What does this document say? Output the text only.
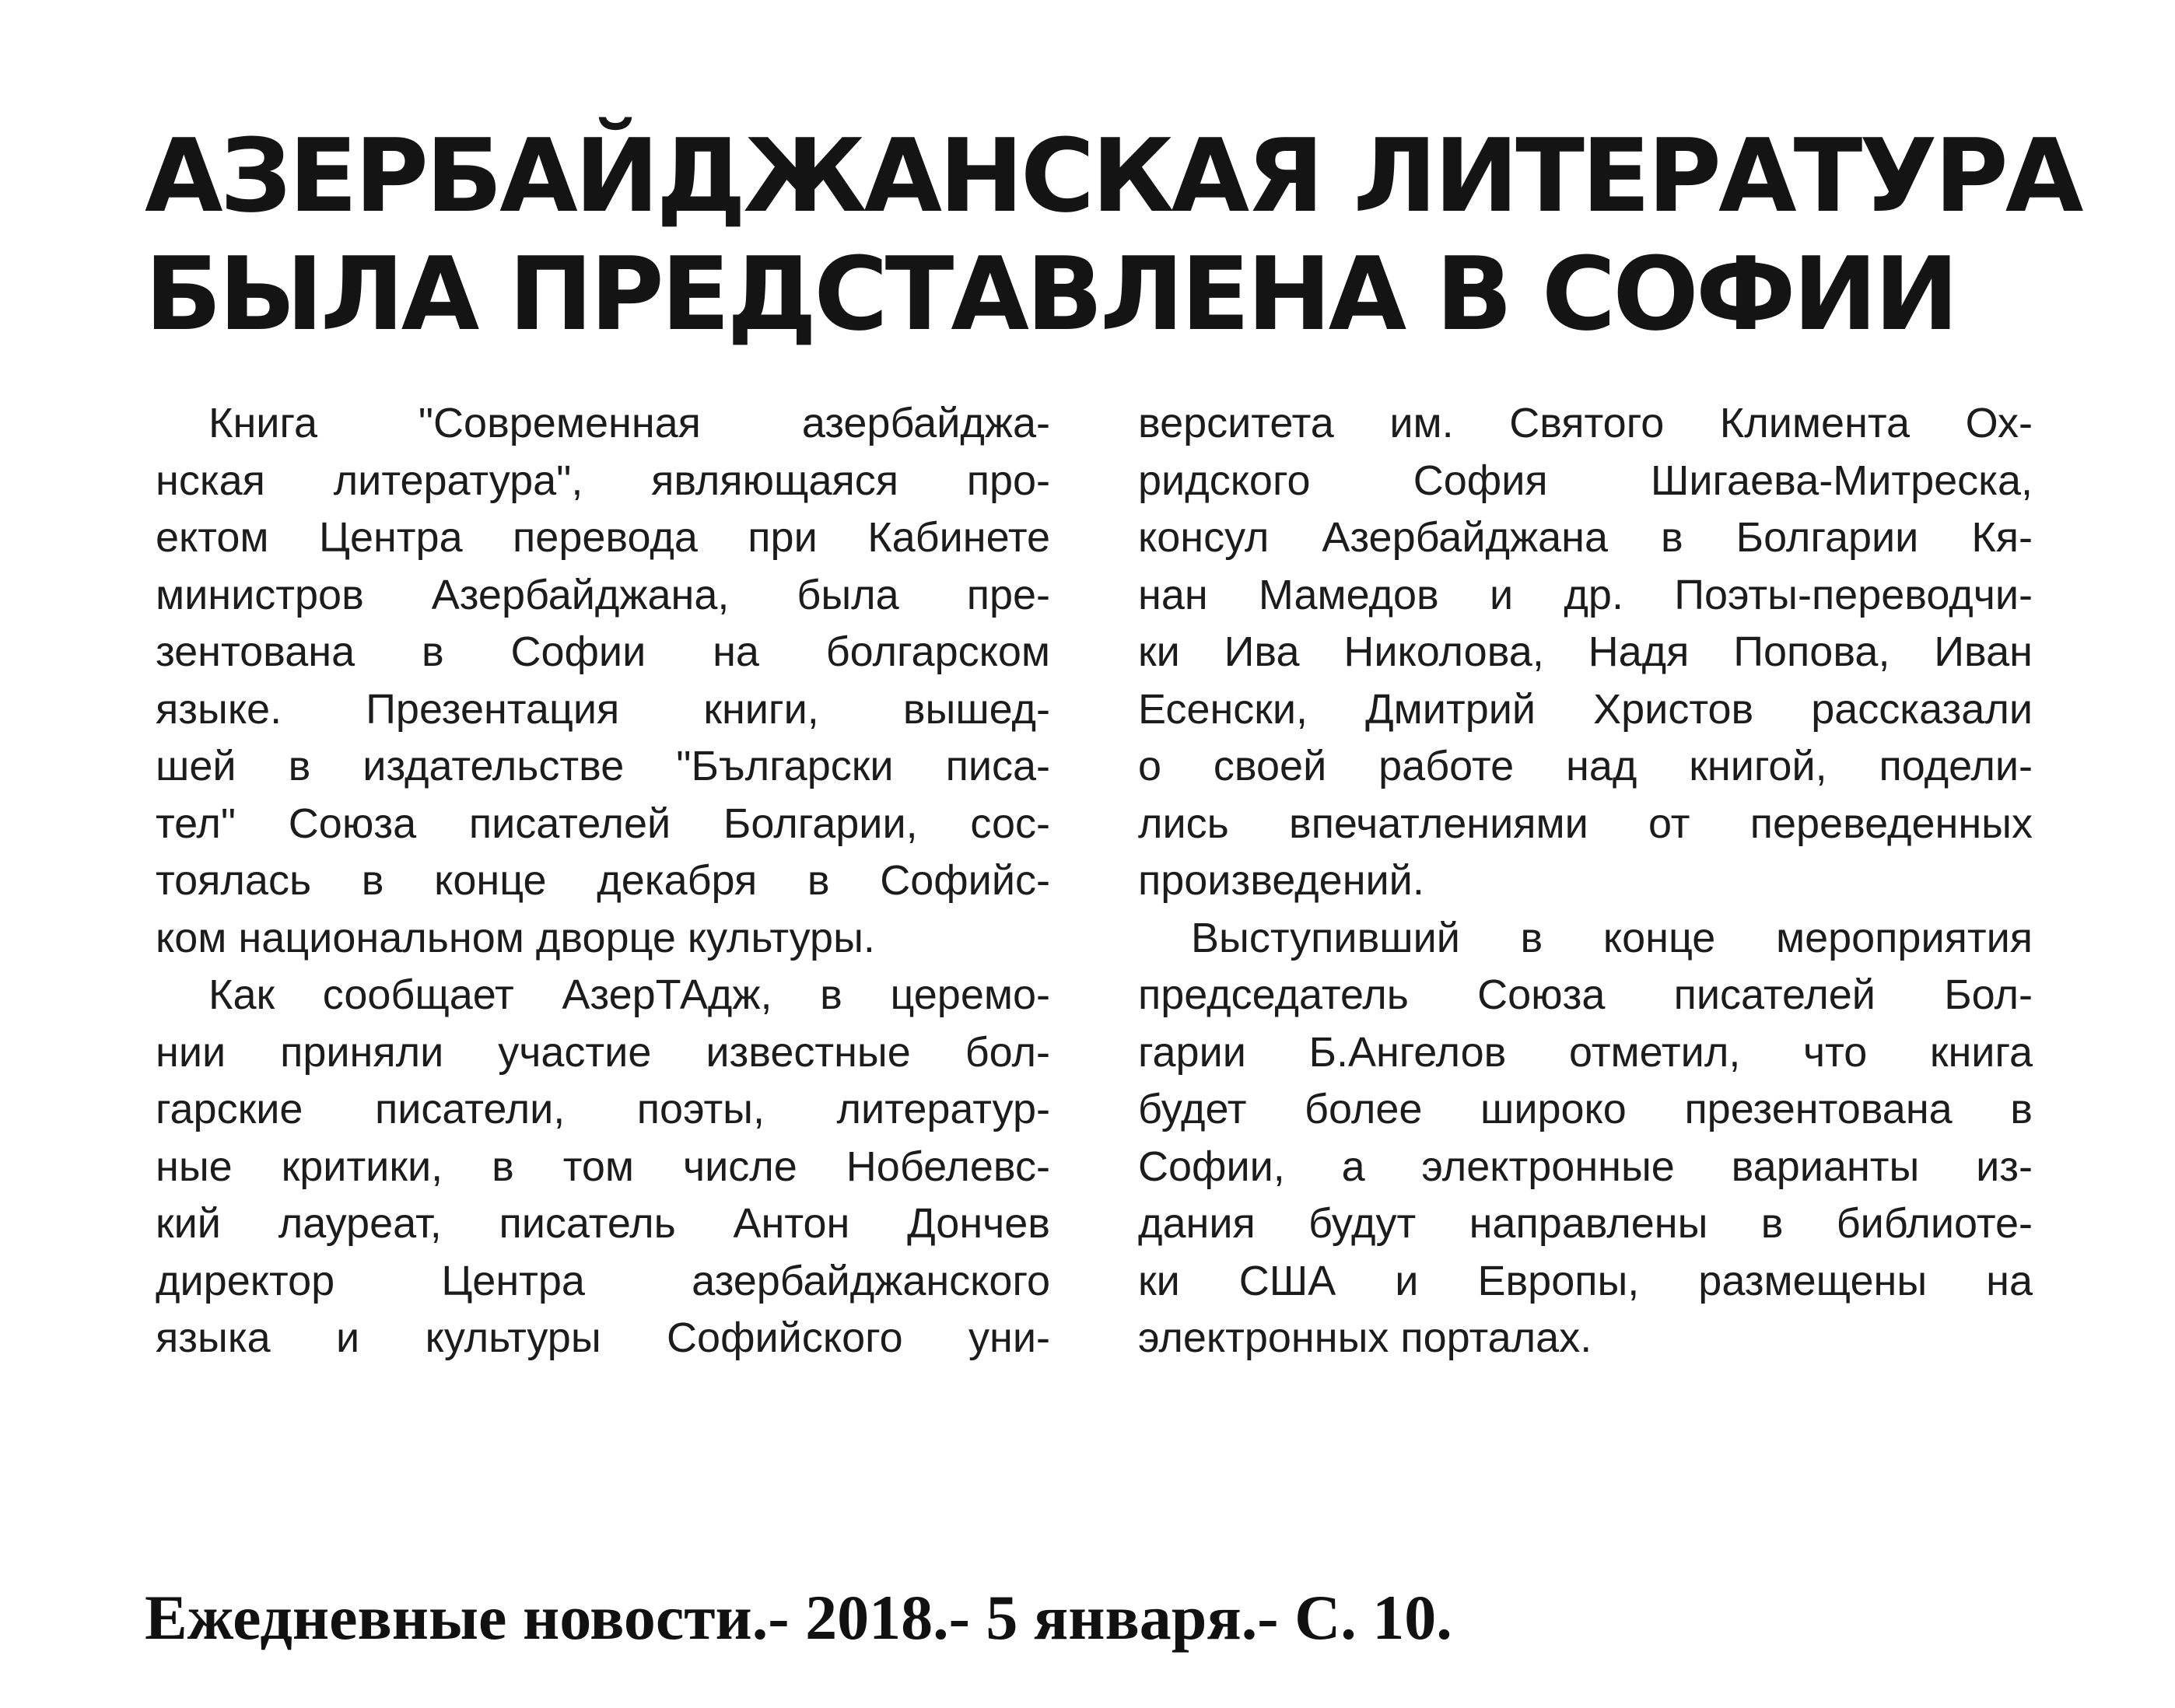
АЗЕРБАЙДЖАНСКАЯ ЛИТЕРАТУРА
БЫЛА ПРЕДСТАВЛЕНА В СОФИИ
Книга "Современная азербайджа-
нская литература", являющаяся про-
ектом Центра перевода при Кабинете
министров Азербайджана, была пре-
зентована в Софии на болгарском
языке. Презентация книги, вышед-
шей в издательстве "Български писа-
тел" Союза писателей Болгарии, сос-
тоялась в конце декабря в Софийс-
ком национальном дворце культуры.
Как сообщает АзерТАдж, в церемо-
нии приняли участие известные бол-
гарские писатели, поэты, литератур-
ные критики, в том числе Нобелевс-
кий лауреат, писатель Антон Дончев
директор Центра азербайджанского
языка и культуры Софийского уни-
верситета им. Святого Климента Ох-
ридского София Шигаева-Митреска,
консул Азербайджана в Болгарии Кя-
нан Мамедов и др. Поэты-переводчи-
ки Ива Николова, Надя Попова, Иван
Есенски, Дмитрий Христов рассказали
о своей работе над книгой, подели-
лись впечатлениями от переведенных
произведений.
Выступивший в конце мероприятия
председатель Союза писателей Бол-
гарии Б.Ангелов отметил, что книга
будет более широко презентована в
Софии, а электронные варианты из-
дания будут направлены в библиоте-
ки США и Европы, размещены на
электронных порталах.

Ежедневные новости.- 2018.- 5 января.- С. 10.
